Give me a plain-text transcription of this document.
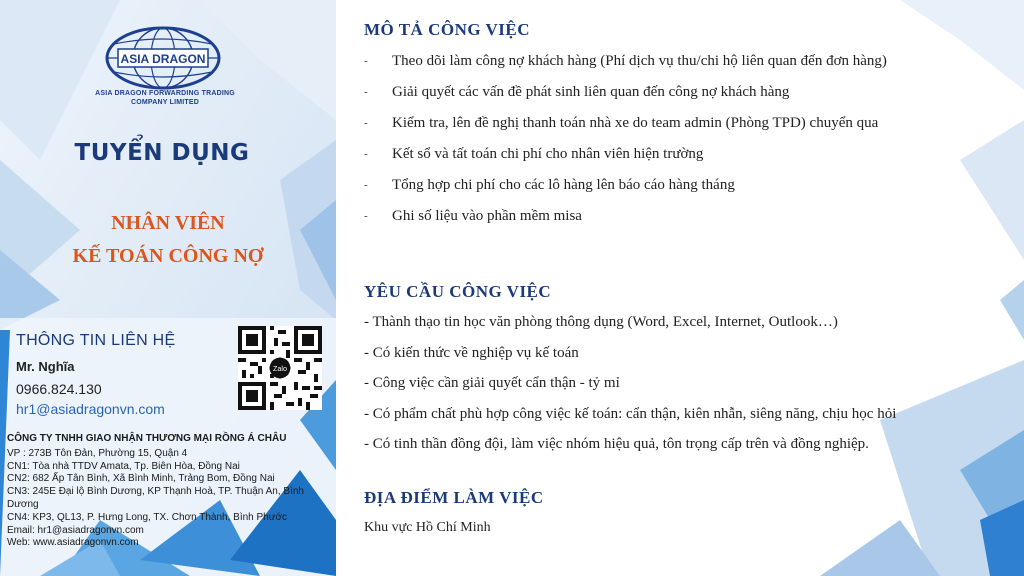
ASIA DRAGON
ASIA DRAGON FORWARDING TRADING
COMPANY LIMITED
TUYỂN DỤNG
NHÂN VIÊN
KẾ TOÁN CÔNG NỢ
THÔNG TIN LIÊN HỆ
Mr. Nghĩa
0966.824.130
hr1@asiadragonvn.com
Zalo
CÔNG TY TNHH GIAO NHẬN THƯƠNG MẠI RỒNG Á CHÂU
VP : 273B Tôn Đản, Phường 15, Quận 4
CN1: Tòa nhà TTDV Amata, Tp. Biên Hòa, Đồng Nai
CN2: 682 Ấp Tân Bình, Xã Bình Minh, Trảng Bom, Đồng Nai
CN3: 245E Đại lộ Bình Dương, KP Thạnh Hoà, TP. Thuận An, Bình Dương
CN4: KP3, QL13, P. Hưng Long, TX. Chơn Thành, Bình Phước
Email: hr1@asiadragonvn.com
Web: www.asiadragonvn.com
MÔ TẢ CÔNG VIỆC
- Theo dõi làm công nợ khách hàng (Phí dịch vụ thu/chi hộ liên quan đến đơn hàng)
- Giải quyết các vấn đề phát sinh liên quan đến công nợ khách hàng
- Kiểm tra, lên đề nghị thanh toán nhà xe do team admin (Phòng TPD) chuyển qua
- Kết sổ và tất toán chi phí cho nhân viên hiện trường
- Tổng hợp chi phí cho các lô hàng lên báo cáo hàng tháng
- Ghi số liệu vào phần mềm misa
YÊU CẦU CÔNG VIỆC
- Thành thạo tin học văn phòng thông dụng (Word, Excel, Internet, Outlook…)
- Có kiến thức về nghiệp vụ kế toán
- Công việc cần giải quyết cẩn thận - tỷ mỉ
- Có phẩm chất phù hợp công việc kế toán: cẩn thận, kiên nhẫn, siêng năng, chịu học hỏi
- Có tinh thần đồng đội, làm việc nhóm hiệu quả, tôn trọng cấp trên và đồng nghiệp.
ĐỊA ĐIỂM LÀM VIỆC
Khu vực Hồ Chí Minh
